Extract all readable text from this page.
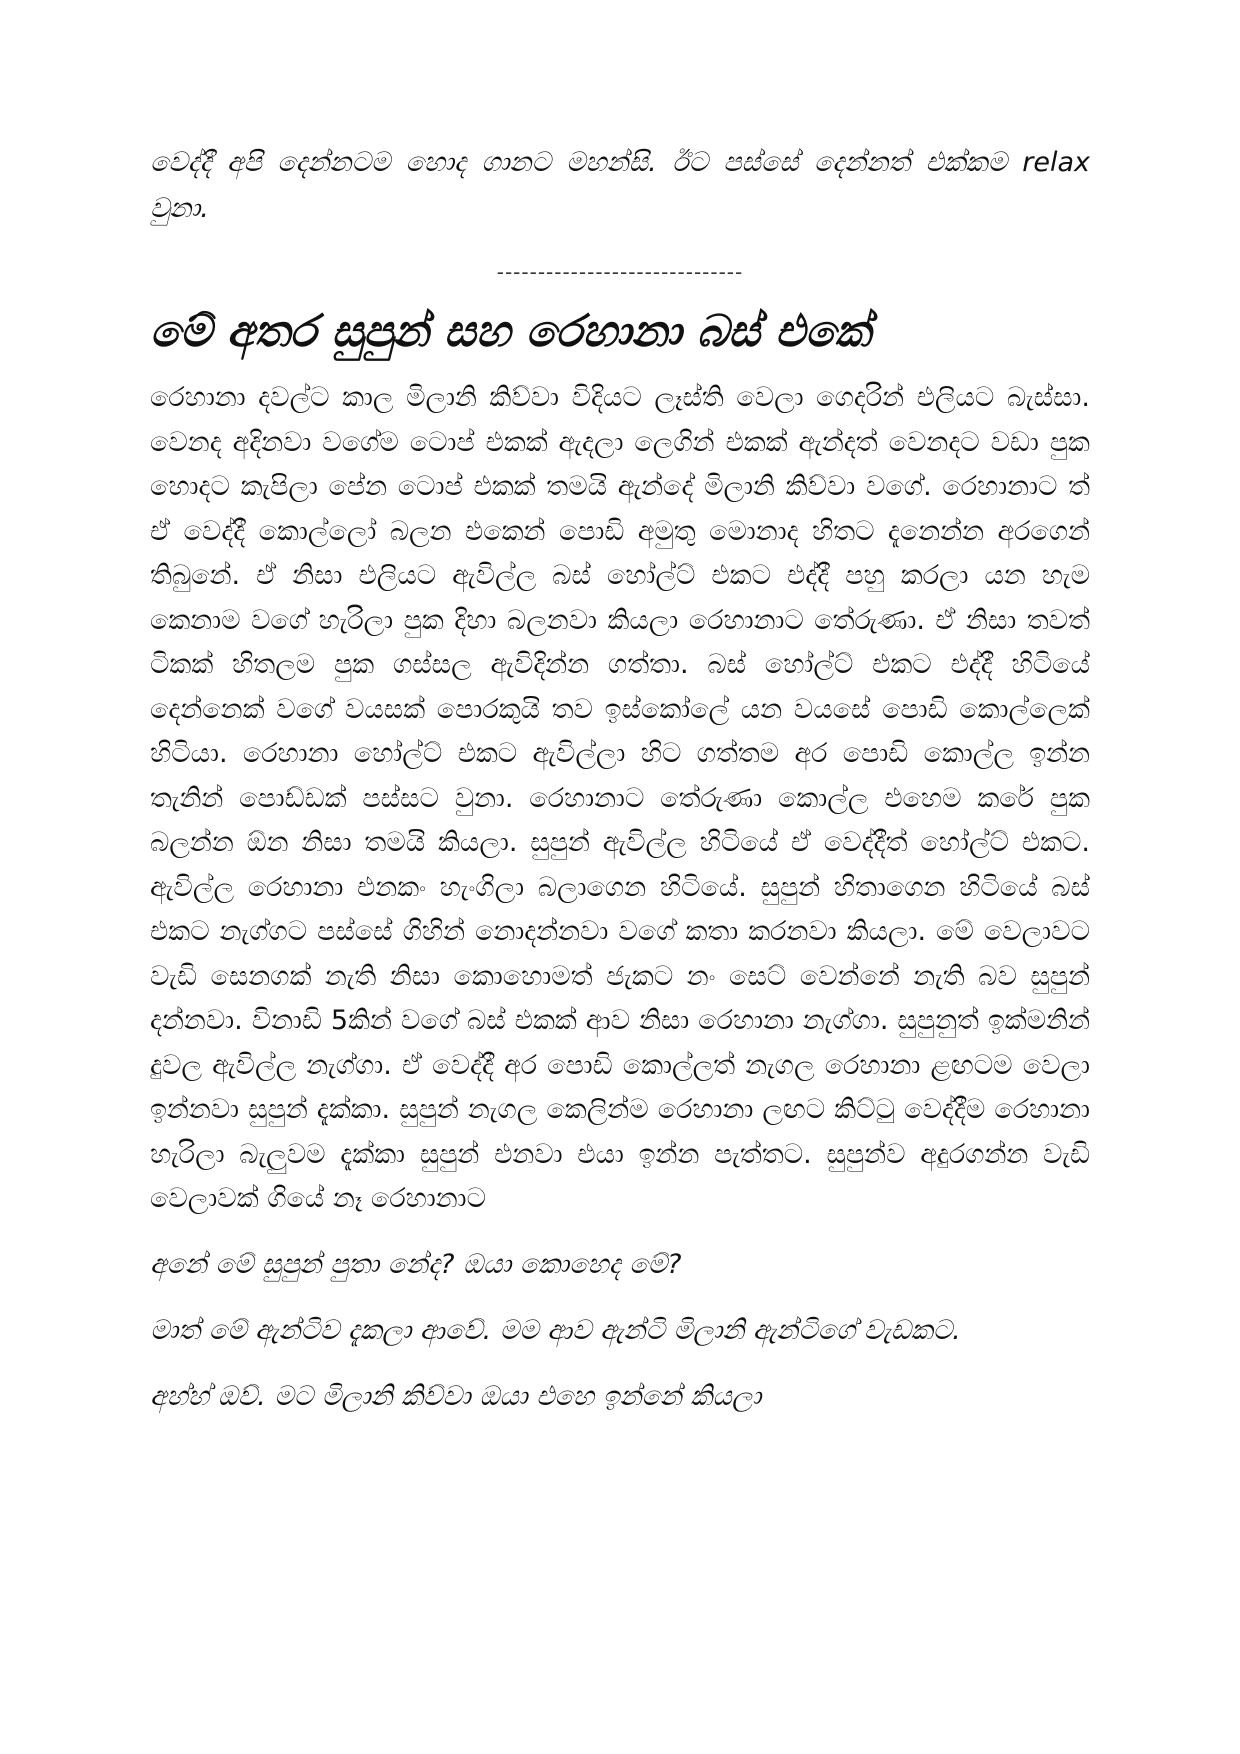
වෙද්දී අපි දෙන්නටම හොද ගානට මහන්සි. ඊට පස්සේ දෙන්නත් එක්කම relax වුනා.

------------------------------
මේ අතර සුපුන් සහ රෙහානා බස් එකේ

රෙහානා දවල්ට කාල මිලානි කිව්වා විදියට ලෑස්ති වෙලා ගෙදරින් එලියට බැස්සා. වෙනද අදිනවා වගේම ටොප් එකක් ඇදලා ලෙගින් එකක් ඇන්දත් වෙනදට වඩා පුක හොදට කැපිලා පේන ටොප් එකක් තමයි ඇන්දේ මිලානි කිව්වා වගේ. රෙහානාට ත් ඒ වෙද්දී කොල්ලෝ බලන එකෙන් පොඩි අමුතු මොනාද හිතට දැනෙන්න අරගෙන් තිබුනේ. ඒ නිසා එලියට ඇවිල්ල බස් හෝල්ට් එකට එද්දී පහු කරලා යන හැම කෙනාම වගේ හැරිලා පුක දිහා බලනවා කියලා රෙහානාට තේරුණා. ඒ නිසා තවත් ටිකක් හිතලම පුක ගස්සල ඇවිදින්න ගත්තා. බස් හෝල්ට් එකට එද්දී හිටියේ දෙන්නෙක් වගේ වයසක් පොරකුයි තව ඉස්කෝලේ යන වයසේ පොඩි කොල්ලෙක් හිටියා. රෙහානා හෝල්ට් එකට ඇවිල්ලා හිට ගත්තම අර පොඩි කොල්ල ඉන්න තැනින් පොඩ්ඩක් පස්සට වුනා. රෙහානාට තේරුණා කොල්ල එහෙම කරේ පුක බලන්න ඕන නිසා තමයි කියලා. සුපුන් ඇවිල්ල හිටියේ ඒ වෙද්දීත් හෝල්ට් එකට. ඇවිල්ල රෙහානා එනකං හැංගිලා බලාගෙන හිටියේ. සුපුන් හිතාගෙන හිටියේ බස් එකට නැග්ගට පස්සේ ගිහින් නොදන්නවා වගේ කතා කරනවා කියලා. මේ වෙලාවට වැඩි සෙනගක් නැති නිසා කොහොමත් ජැකට නං සෙට් වෙන්නේ නැති බව සුපුන් දන්නවා. විනාඩි 5කින් වගේ බස් එකක් ආව නිසා රෙහානා නැග්ගා. සුපුනුත් ඉක්මනින් දුවල ඇවිල්ල නැග්ගා. ඒ වෙද්දී අර පොඩි කොල්ලත් නැගල රෙහානා ළඟටම වෙලා ඉන්නවා සුපුන් දැක්කා. සුපුන් නැගල කෙලින්ම රෙහානා ලඟට කිට්ටු වෙද්දීම රෙහානා හැරිලා බැලුවම දැක්කා සුපුන් එනවා එයා ඉන්න පැත්තට. සුපුන්ව අදුරගන්න වැඩි වෙලාවක් ගියේ නෑ රෙහානාට

අනේ මේ සුපුන් පුතා නේද? ඔයා කොහෙද මේ?

මාත් මේ ඇන්ටිව දැකලා ආවේ. මම ආව ඇන්ටි මිලානි ඇන්ටිගේ වැඩකට.

අහ්හ් ඔව්. මට මිලානි කිව්වා ඔයා එහෙ ඉන්නේ කියලා
